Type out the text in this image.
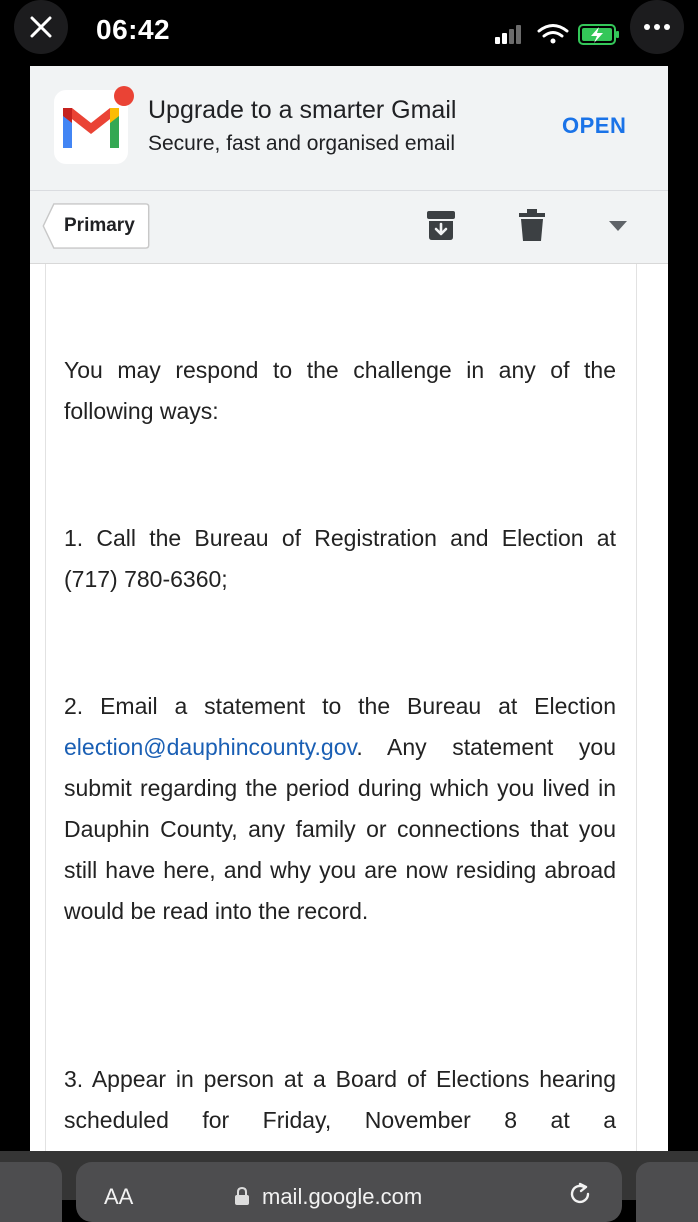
06:42
Upgrade to a smarter Gmail
Secure, fast and organised email
OPEN
Primary

You may respond to the challenge in any of the following ways:

1. Call the Bureau of Registration and Election at (717) 780-6360;

2. Email a statement to the Bureau at Election election@dauphincounty.gov. Any statement you submit regarding the period during which you lived in Dauphin County, any family or connections that you still have here, and why you are now residing abroad would be read into the record.

3. Appear in person at a Board of Elections hearing scheduled for Friday, November 8 at a

AA	mail.google.com
